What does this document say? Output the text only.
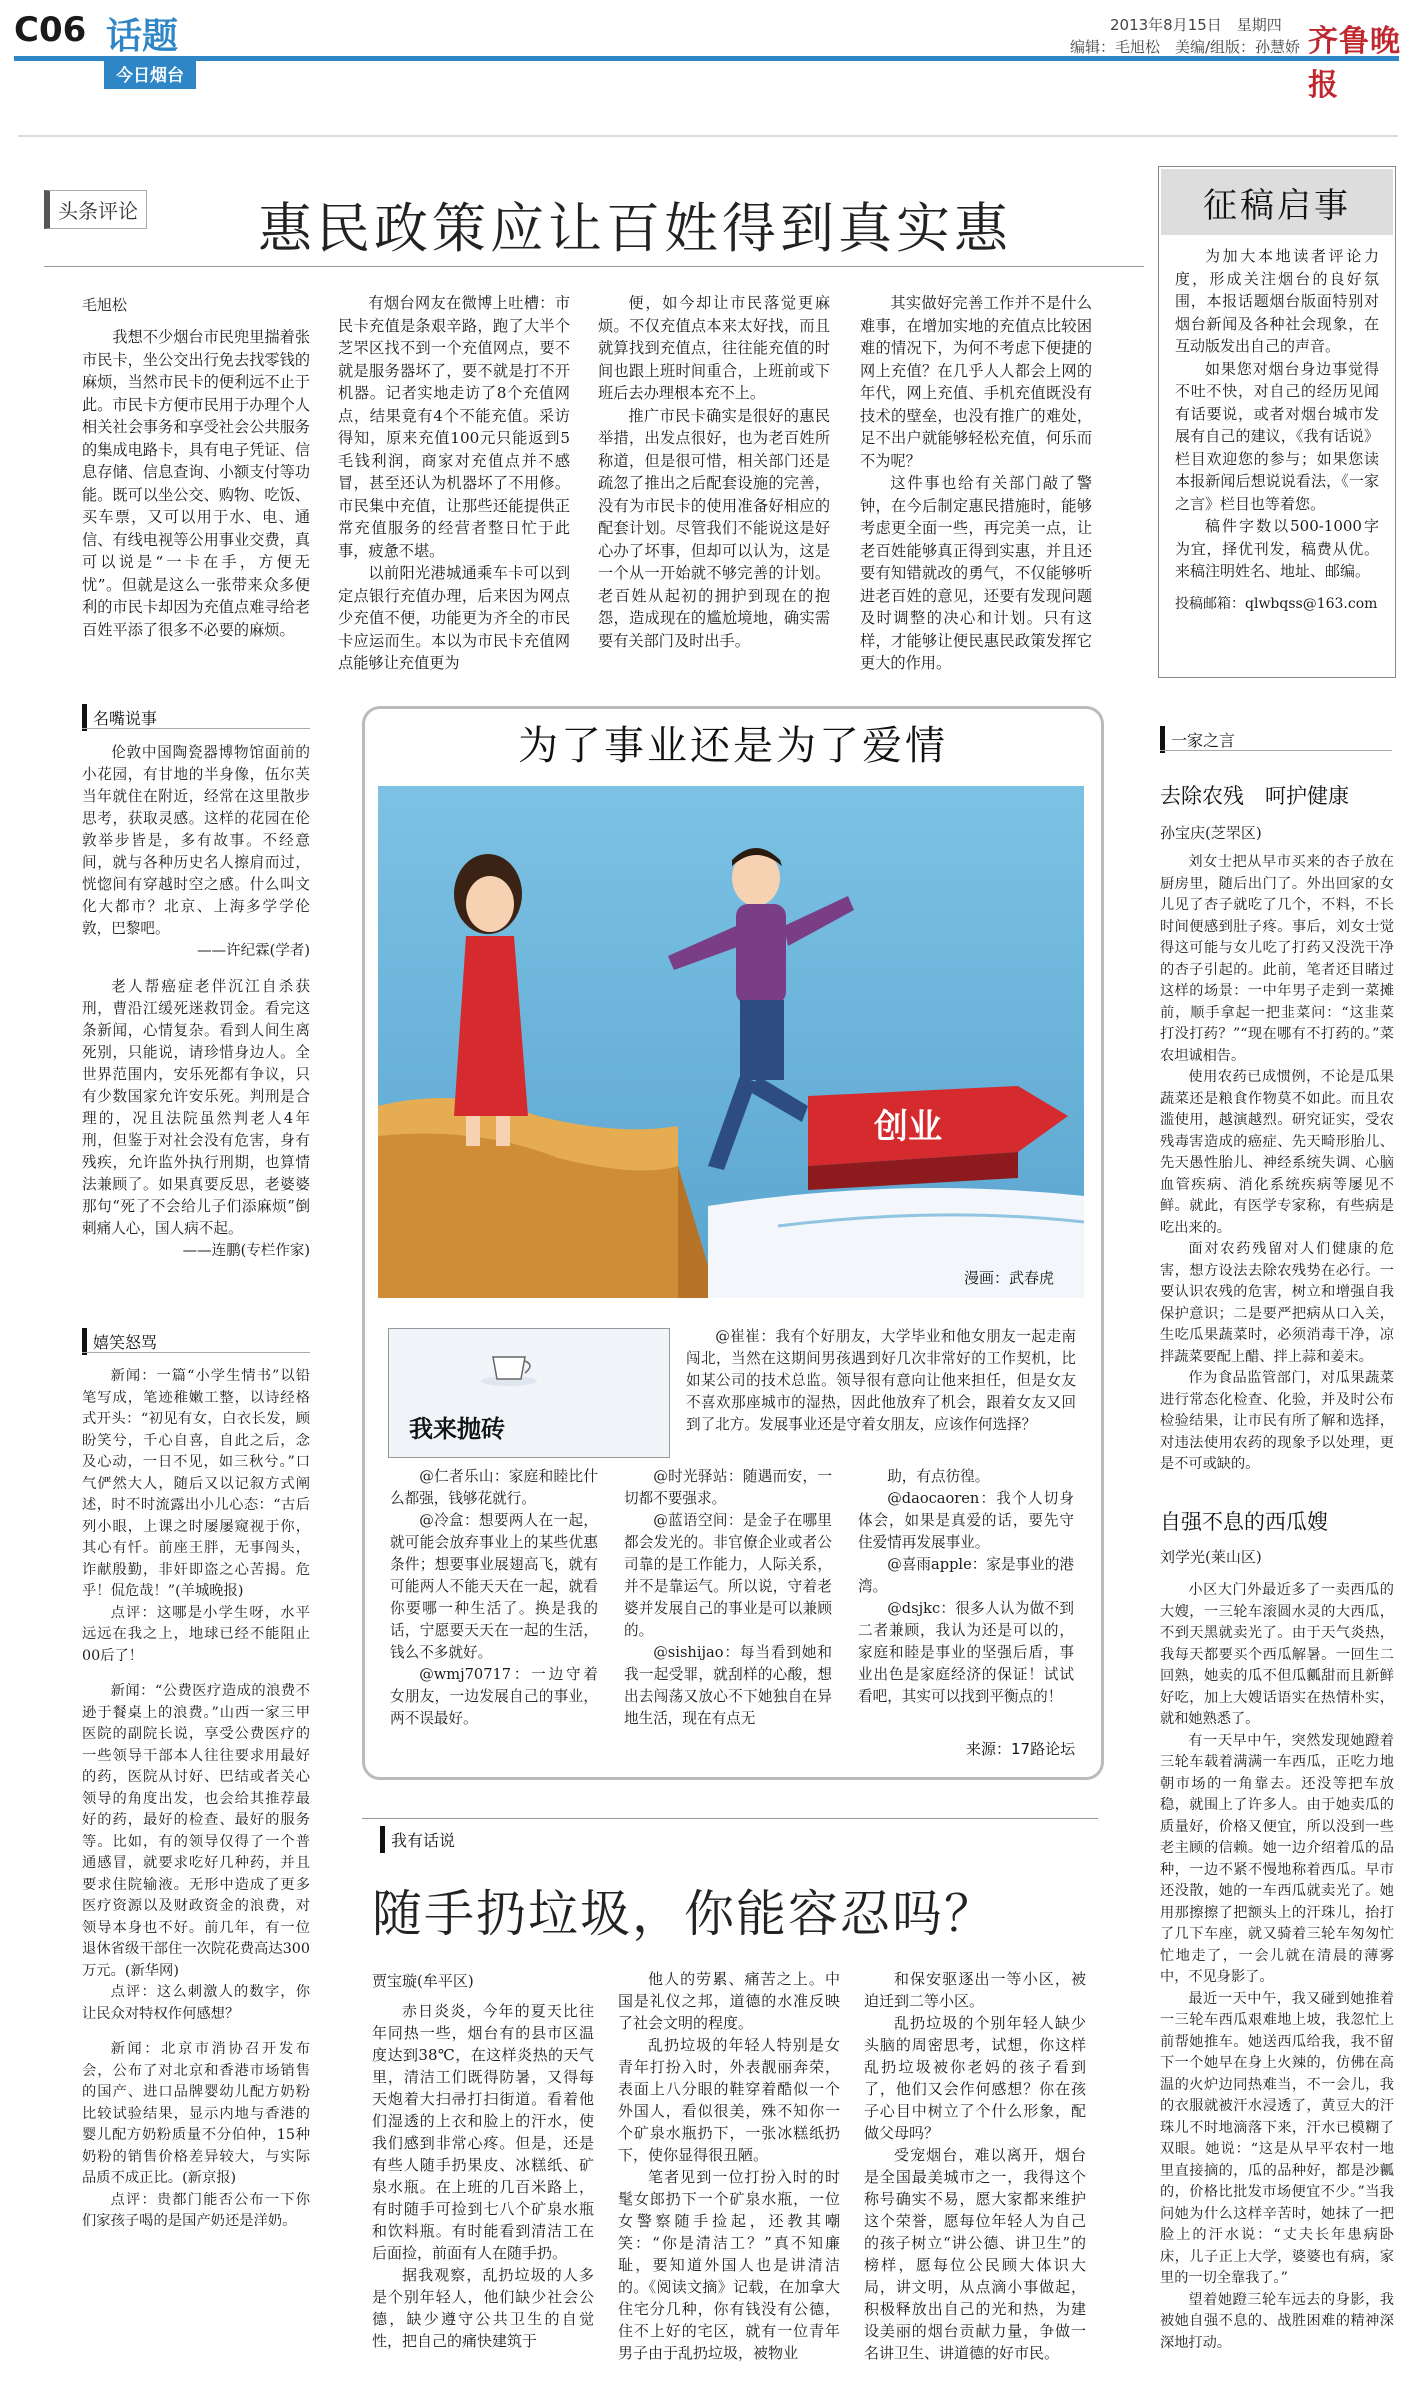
C06 话题
今日烟台
2013年8月15日　星期四
编辑：毛旭松　美编/组版：孙慧娇 齐鲁晚报
头条评论 惠民政策应让百姓得到真实惠
毛旭松

我想不少烟台市民兜里揣着张市民卡，坐公交出行免去找零钱的麻烦，当然市民卡的便利远不止于此。市民卡方便市民用于办理个人相关社会事务和享受社会公共服务的集成电路卡，具有电子凭证、信息存储、信息查询、小额支付等功能。既可以坐公交、购物、吃饭、买车票，又可以用于水、电、通信、有线电视等公用事业交费，真可以说是“一卡在手，方便无忧”。但就是这么一张带来众多便利的市民卡却因为充值点难寻给老百姓平添了很多不必要的麻烦。

有烟台网友在微博上吐槽：市民卡充值是条艰辛路，跑了大半个芝罘区找不到一个充值网点，要不就是服务器坏了，要不就是打不开机器。记者实地走访了8个充值网点，结果竟有4个不能充值。采访得知，原来充值100元只能返到5毛钱利润，商家对充值点并不感冒，甚至还认为机器坏了不用修。市民集中充值，让那些还能提供正常充值服务的经营者整日忙于此事，疲惫不堪。

以前阳光港城通乘车卡可以到定点银行充值办理，后来因为网点少充值不便，功能更为齐全的市民卡应运而生。本以为市民卡充值网点能够让充值更为

便，如今却让市民落觉更麻烦。不仅充值点本来太好找，而且就算找到充值点，往往能充值的时间也跟上班时间重合，上班前或下班后去办理根本充不上。

推广市民卡确实是很好的惠民举措，出发点很好，也为老百姓所称道，但是很可惜，相关部门还是疏忽了推出之后配套设施的完善，没有为市民卡的使用准备好相应的配套计划。尽管我们不能说这是好心办了坏事，但却可以认为，这是一个从一开始就不够完善的计划。老百姓从起初的拥护到现在的抱怨，造成现在的尴尬境地，确实需要有关部门及时出手。

其实做好完善工作并不是什么难事，在增加实地的充值点比较困难的情况下，为何不考虑下便捷的网上充值？在几乎人人都会上网的年代，网上充值、手机充值既没有技术的壁垒，也没有推广的难处，足不出户就能够轻松充值，何乐而不为呢？

这件事也给有关部门敲了警钟，在今后制定惠民措施时，能够考虑更全面一些，再完美一点，让老百姓能够真正得到实惠，并且还要有知错就改的勇气，不仅能够听进老百姓的意见，还要有发现问题及时调整的决心和计划。只有这样，才能够让便民惠民政策发挥它更大的作用。

征稿启事

为加大本地读者评论力度，形成关注烟台的良好氛围，本报话题烟台版面特别对烟台新闻及各种社会现象，在互动版发出自己的声音。

如果您对烟台身边事觉得不吐不快，对自己的经历见闻有话要说，或者对烟台城市发展有自己的建议，《我有话说》栏目欢迎您的参与；如果您读本报新闻后想说说看法，《一家之言》栏目也等着您。

稿件字数以500-1000字为宜，择优刊发，稿费从优。来稿注明姓名、地址、邮编。

投稿邮箱：qlwbqss@163.com
名嘴说事

伦敦中国陶瓷器博物馆面前的小花园，有甘地的半身像，伍尔芙当年就住在附近，经常在这里散步思考，获取灵感。这样的花园在伦敦举步皆是，多有故事。不经意间，就与各种历史名人擦肩而过，恍惚间有穿越时空之感。什么叫文化大都市？北京、上海多学学伦敦，巴黎吧。

——许纪霖(学者)

老人帮癌症老伴沉江自杀获刑，曹沿江缓死迷救罚金。看完这条新闻，心情复杂。看到人间生离死别，只能说，请珍惜身边人。全世界范围内，安乐死都有争议，只有少数国家允许安乐死。判刑是合理的，况且法院虽然判老人4年刑，但鉴于对社会没有危害，身有残疾，允许监外执行刑期，也算情法兼顾了。如果真要反思，老婆婆那句“死了不会给儿子们添麻烦”倒刺痛人心，国人病不起。

——连鹏(专栏作家)
嬉笑怒骂

新闻：一篇“小学生情书”以铅笔写成，笔迹稚嫩工整，以诗经格式开头：“初见有女，白衣长发，顾盼笑兮，千心自喜，自此之后，念及心动，一日不见，如三秋兮。”口气俨然大人，随后又以记叙方式阐述，时不时流露出小儿心态：“古后列小眼，上课之时屡屡窥视于你，其心有忏。前座王胖，无事闯头，诈献殷勤，非奸即盗之心苦揭。危乎！侃危哉！”(羊城晚报)

点评：这哪是小学生呀，水平远远在我之上，地球已经不能阻止00后了！

新闻：“公费医疗造成的浪费不逊于餐桌上的浪费。”山西一家三甲医院的副院长说，享受公费医疗的一些领导干部本人往往要求用最好的药，医院从讨好、巴结或者关心领导的角度出发，也会给其推荐最好的药，最好的检查、最好的服务等。比如，有的领导仅得了一个普通感冒，就要求吃好几种药，并且要求住院输液。无形中造成了更多医疗资源以及财政资金的浪费，对领导本身也不好。前几年，有一位退休省级干部住一次院花费高达300万元。(新华网)

点评：这么刺激人的数字，你让民众对特权作何感想？

新闻：北京市消协召开发布会，公布了对北京和香港市场销售的国产、进口品牌婴幼儿配方奶粉比较试验结果，显示内地与香港的婴儿配方奶粉质量不分伯仲，15种奶粉的销售价格差异较大，与实际品质不成正比。(新京报)

点评：贵都门能否公布一下你们家孩子喝的是国产奶还是洋奶。

为了事业还是为了爱情
创业
漫画：武春虎
我来抛砖

@崔崔：我有个好朋友，大学毕业和他女朋友一起走南闯北，当然在这期间男孩遇到好几次非常好的工作契机，比如某公司的技术总监。领导很有意向让他来担任，但是女友不喜欢那座城市的湿热，因此他放弃了机会，跟着女友又回到了北方。发展事业还是守着女朋友，应该作何选择？

@仁者乐山：家庭和睦比什么都强，钱够花就行。

@冷盒：想要两人在一起，就可能会放弃事业上的某些优惠条件；想要事业展翅高飞，就有可能两人不能天天在一起，就看你要哪一种生活了。换是我的话，宁愿要天天在一起的生活，钱么不多就好。

@wmj70717：一边守着女朋友，一边发展自己的事业，两不误最好。

@时光驿站：随遇而安，一切都不要强求。

@蓝语空间：是金子在哪里都会发光的。非官僚企业或者公司靠的是工作能力，人际关系，并不是靠运气。所以说，守着老婆并发展自己的事业是可以兼顾的。

@sishijao：每当看到她和我一起受罪，就刮样的心酸，想出去闯荡又放心不下她独自在异地生活，现在有点无

助，有点彷徨。

@daocaoren：我个人切身体会，如果是真爱的话，要先守住爱情再发展事业。

@喜雨apple：家是事业的港湾。

@dsjkc：很多人认为做不到二者兼顾，我认为还是可以的，家庭和睦是事业的坚强后盾，事业出色是家庭经济的保证！试试看吧，其实可以找到平衡点的！

来源：17路论坛
我有话说
随手扔垃圾，你能容忍吗？
贾宝璇(牟平区)

赤日炎炎，今年的夏天比往年同热一些，烟台有的县市区温度达到38℃，在这样炎热的天气里，清洁工们既得防暑，又得每天炮着大扫帚打扫街道。看着他们湿透的上衣和脸上的汗水，使我们感到非常心疼。但是，还是有些人随手扔果皮、冰糕纸、矿泉水瓶。在上班的几百米路上，有时随手可捡到七八个矿泉水瓶和饮料瓶。有时能看到清洁工在后面捡，前面有人在随手扔。

据我观察，乱扔垃圾的人多是个别年轻人，他们缺少社会公德，缺少遵守公共卫生的自觉性，把自己的痛快建筑于

他人的劳累、痛苦之上。中国是礼仪之邦，道德的水准反映了社会文明的程度。

乱扔垃圾的年轻人特别是女青年打扮入时，外表靓丽奔荣，表面上八分眼的鞋穿着酷似一个外国人，看似很美，殊不知你一个矿泉水瓶扔下，一张冰糕纸扔下，使你显得很丑陋。

笔者见到一位打扮入时的时髦女郎扔下一个矿泉水瓶，一位女警察随手捡起，还教其嘲笑：“你是清洁工？”真不知廉耻，要知道外国人也是讲清洁的。《阅读文摘》记载，在加拿大住宅分几种，你有钱没有公德，住不上好的宅区，就有一位青年男子由于乱扔垃圾，被物业

和保安驱逐出一等小区，被迫迁到二等小区。

乱扔垃圾的个别年轻人缺少头脑的周密思考，试想，你这样乱扔垃圾被你老妈的孩子看到了，他们又会作何感想？你在孩子心目中树立了个什么形象，配做父母吗？

受宠烟台，难以离开，烟台是全国最美城市之一，我得这个称号确实不易，愿大家都来维护这个荣誉，愿每位年轻人为自己的孩子树立“讲公德、讲卫生”的榜样，愿每位公民顾大体识大局，讲文明，从点滴小事做起，积极释放出自己的光和热，为建设美丽的烟台贡献力量，争做一名讲卫生、讲道德的好市民。

一家之言
去除农残　呵护健康
孙宝庆(芝罘区)

刘女士把从早市买来的杏子放在厨房里，随后出门了。外出回家的女儿见了杏子就吃了几个，不料，不长时间便感到肚子疼。事后，刘女士觉得这可能与女儿吃了打药又没洗干净的杏子引起的。此前，笔者还目睹过这样的场景：一中年男子走到一菜摊前，顺手拿起一把韭菜问：“这韭菜打没打药？”“现在哪有不打药的。”菜农坦诚相告。

使用农药已成惯例，不论是瓜果蔬菜还是粮食作物莫不如此。而且农滥使用，越演越烈。研究证实，受农残毒害造成的癌症、先天畸形胎儿、先天愚性胎儿、神经系统失调、心脑血管疾病、消化系统疾病等屡见不鲜。就此，有医学专家称，有些病是吃出来的。

面对农药残留对人们健康的危害，想方设法去除农残势在必行。一要认识农残的危害，树立和增强自我保护意识；二是要严把病从口入关，生吃瓜果蔬菜时，必须消毒干净，凉拌蔬菜要配上醋、拌上蒜和姜末。

作为食品监管部门，对瓜果蔬菜进行常态化检查、化验，并及时公布检验结果，让市民有所了解和选择，对违法使用农药的现象予以处理，更是不可或缺的。

自强不息的西瓜嫂
刘学光(莱山区)

小区大门外最近多了一卖西瓜的大嫂，一三轮车滚圆水灵的大西瓜，不到天黑就卖光了。由于天气炎热，我每天都要买个西瓜解暑。一回生二回熟，她卖的瓜不但瓜瓤甜而且新鲜好吃，加上大嫂话语实在热情朴实，就和她熟悉了。

有一天早中午，突然发现她蹬着三轮车载着满满一车西瓜，正吃力地朝市场的一角靠去。还没等把车放稳，就围上了许多人。由于她卖瓜的质量好，价格又便宜，所以没到一些老主顾的信赖。她一边介绍着瓜的品种，一边不紧不慢地称着西瓜。早市还没散，她的一车西瓜就卖光了。她用那擦擦了把额头上的汗珠儿，抬打了几下车座，就又骑着三轮车匆匆忙忙地走了，一会儿就在清晨的薄雾中，不见身影了。

最近一天中午，我又碰到她推着一三轮车西瓜艰难地上坡，我忽忙上前帮她推车。她送西瓜给我，我不留下一个她早在身上火辣的，仿佛在高温的火炉边同热难当，不一会儿，我的衣服就被汗水浸透了，黄豆大的汗珠儿不时地滴落下来，汗水已模糊了双眼。她说：“这是从早平农村一地里直接摘的，瓜的品种好，都是沙瓤的，价格比批发市场便宜不少。”当我问她为什么这样辛苦时，她抹了一把脸上的汗水说：“丈夫长年患病卧床，儿子正上大学，婆婆也有病，家里的一切全靠我了。”

望着她蹬三轮车远去的身影，我被她自强不息的、战胜困难的精神深深地打动。
